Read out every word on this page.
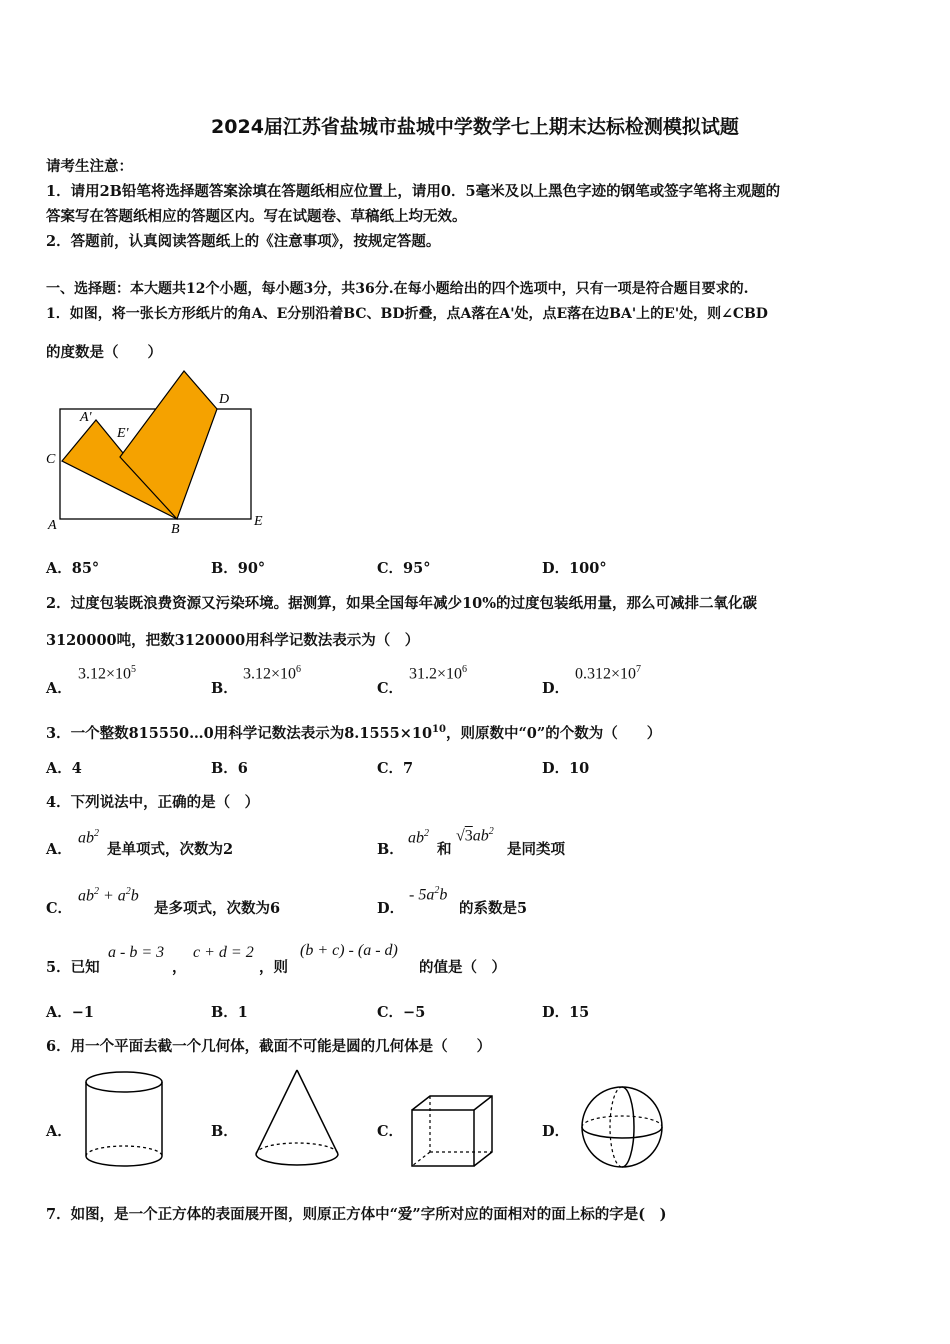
2024届江苏省盐城市盐城中学数学七上期末达标检测模拟试题
请考生注意：
1．请用2B铅笔将选择题答案涂填在答题纸相应位置上，请用0．5毫米及以上黑色字迹的钢笔或签字笔将主观题的
答案写在答题纸相应的答题区内。写在试题卷、草稿纸上均无效。
2．答题前，认真阅读答题纸上的《注意事项》，按规定答题。
一、选择题：本大题共12个小题，每小题3分，共36分.在每小题给出的四个选项中，只有一项是符合题目要求的.
1．如图，将一张长方形纸片的角A、E分别沿着BC、BD折叠，点A落在A'处，点E落在边BA'上的E'处，则∠CBD
的度数是（　　）
C
A'
E'
D
A	B
E
A．85°	B．90°	C．95°	D．100°
2．过度包装既浪费资源又污染环境。据测算，如果全国每年减少10%的过度包装纸用量，那么可减排二氧化碳
3120000吨，把数3120000用科学记数法表示为（　）
A．
$3.12\times 10^5$
B．
$3.12\times 10^6$
C．
$31.2\times 10^6$
D．
$0.312\times 10^7$
3．一个整数815550…0用科学记数法表示为$8.1555\times 10^{10}$，则原数中“0”的个数为（　　）
A．4	B．6	C．7	D．10
4．下列说法中，正确的是（　）
A．
$ab^2$
是单项式，次数为2	B．
$ab^2$
和
$√3ab^2$
是同类项
C．
$ab^2 + a^2b$
是多项式，次数为6	D．
- $5a^2b$
的系数是5
5．已知
a - b = 3
，
c + d = 2
，则
(b + c) - (a - d)
的值是（　）
A．−1	B．1	C．−5	D．15
6．用一个平面去截一个几何体，截面不可能是圆的几何体是（　　）
A．	B．	C．	D．
7．如图，是一个正方体的表面展开图，则原正方体中“爱”字所对应的面相对的面上标的字是(　)
